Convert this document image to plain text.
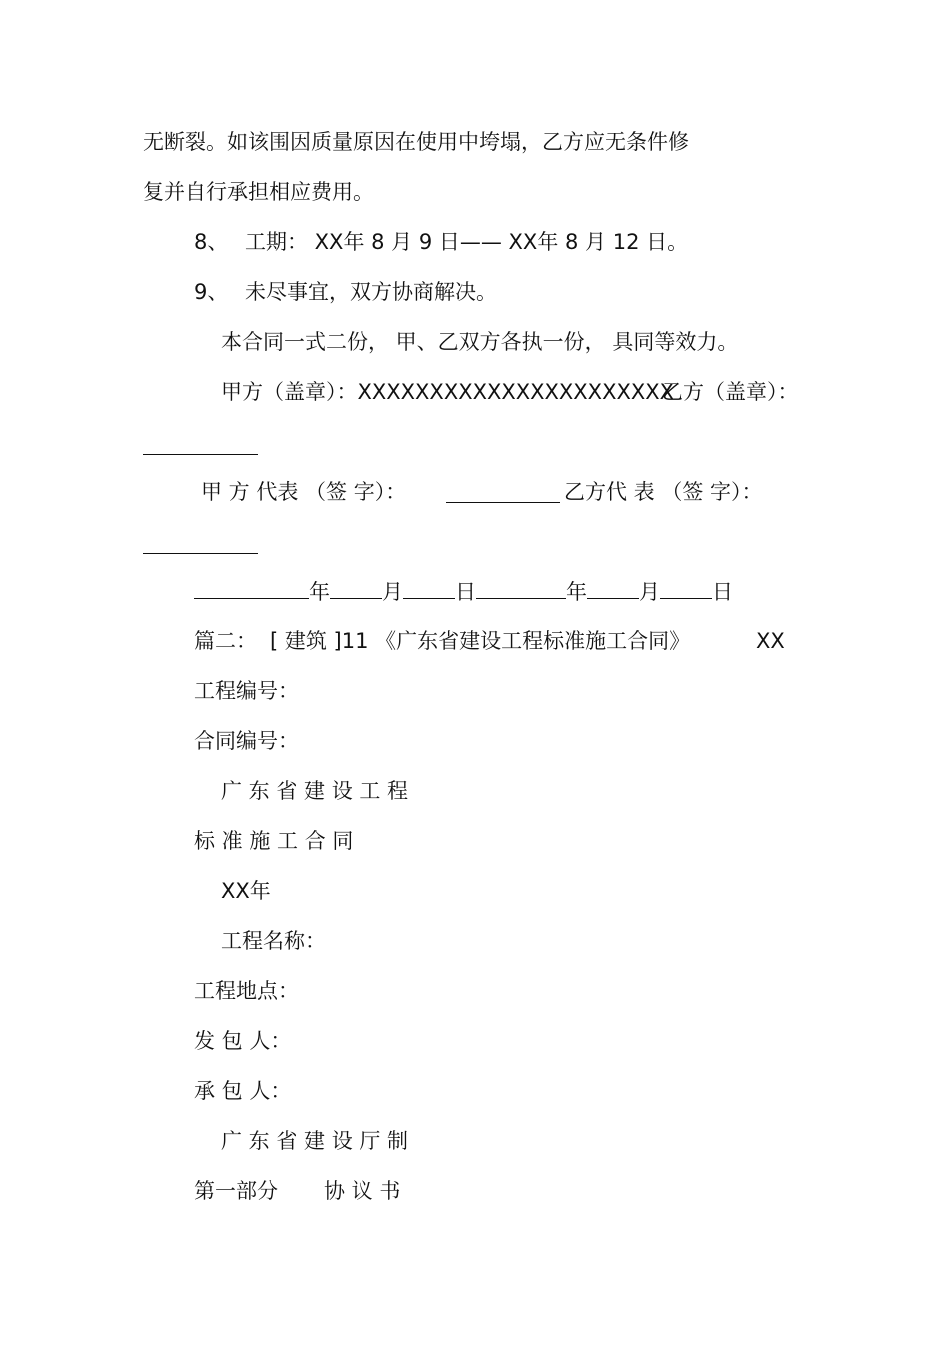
无断裂。如该围因质量原因在使用中垮塌，乙方应无条件修
复并自行承担相应费用。
8、 工期： XX年 8 月 9 日—— XX年 8 月 12 日。
9、 未尽事宜，双方协商解决。
本合同一式二份， 甲、乙双方各执一份， 具同等效力。
甲方（盖章）：XXXXXXXXXXXXXXXXXXXXXX
乙方（盖章）：
甲 方 代表 （签 字）：	乙方代 表 （签 字）：
年 月 日	年 月 日
篇二： [ 建筑 ]11 《广东省建设工程标准施工合同》	XX
工程编号：
合同编号：
广 东 省 建 设 工 程
标 准 施 工 合 同
XX年
工程名称：
工程地点：
发 包 人：
承 包 人：
广 东 省 建 设 厅 制
第一部分 协 议 书
